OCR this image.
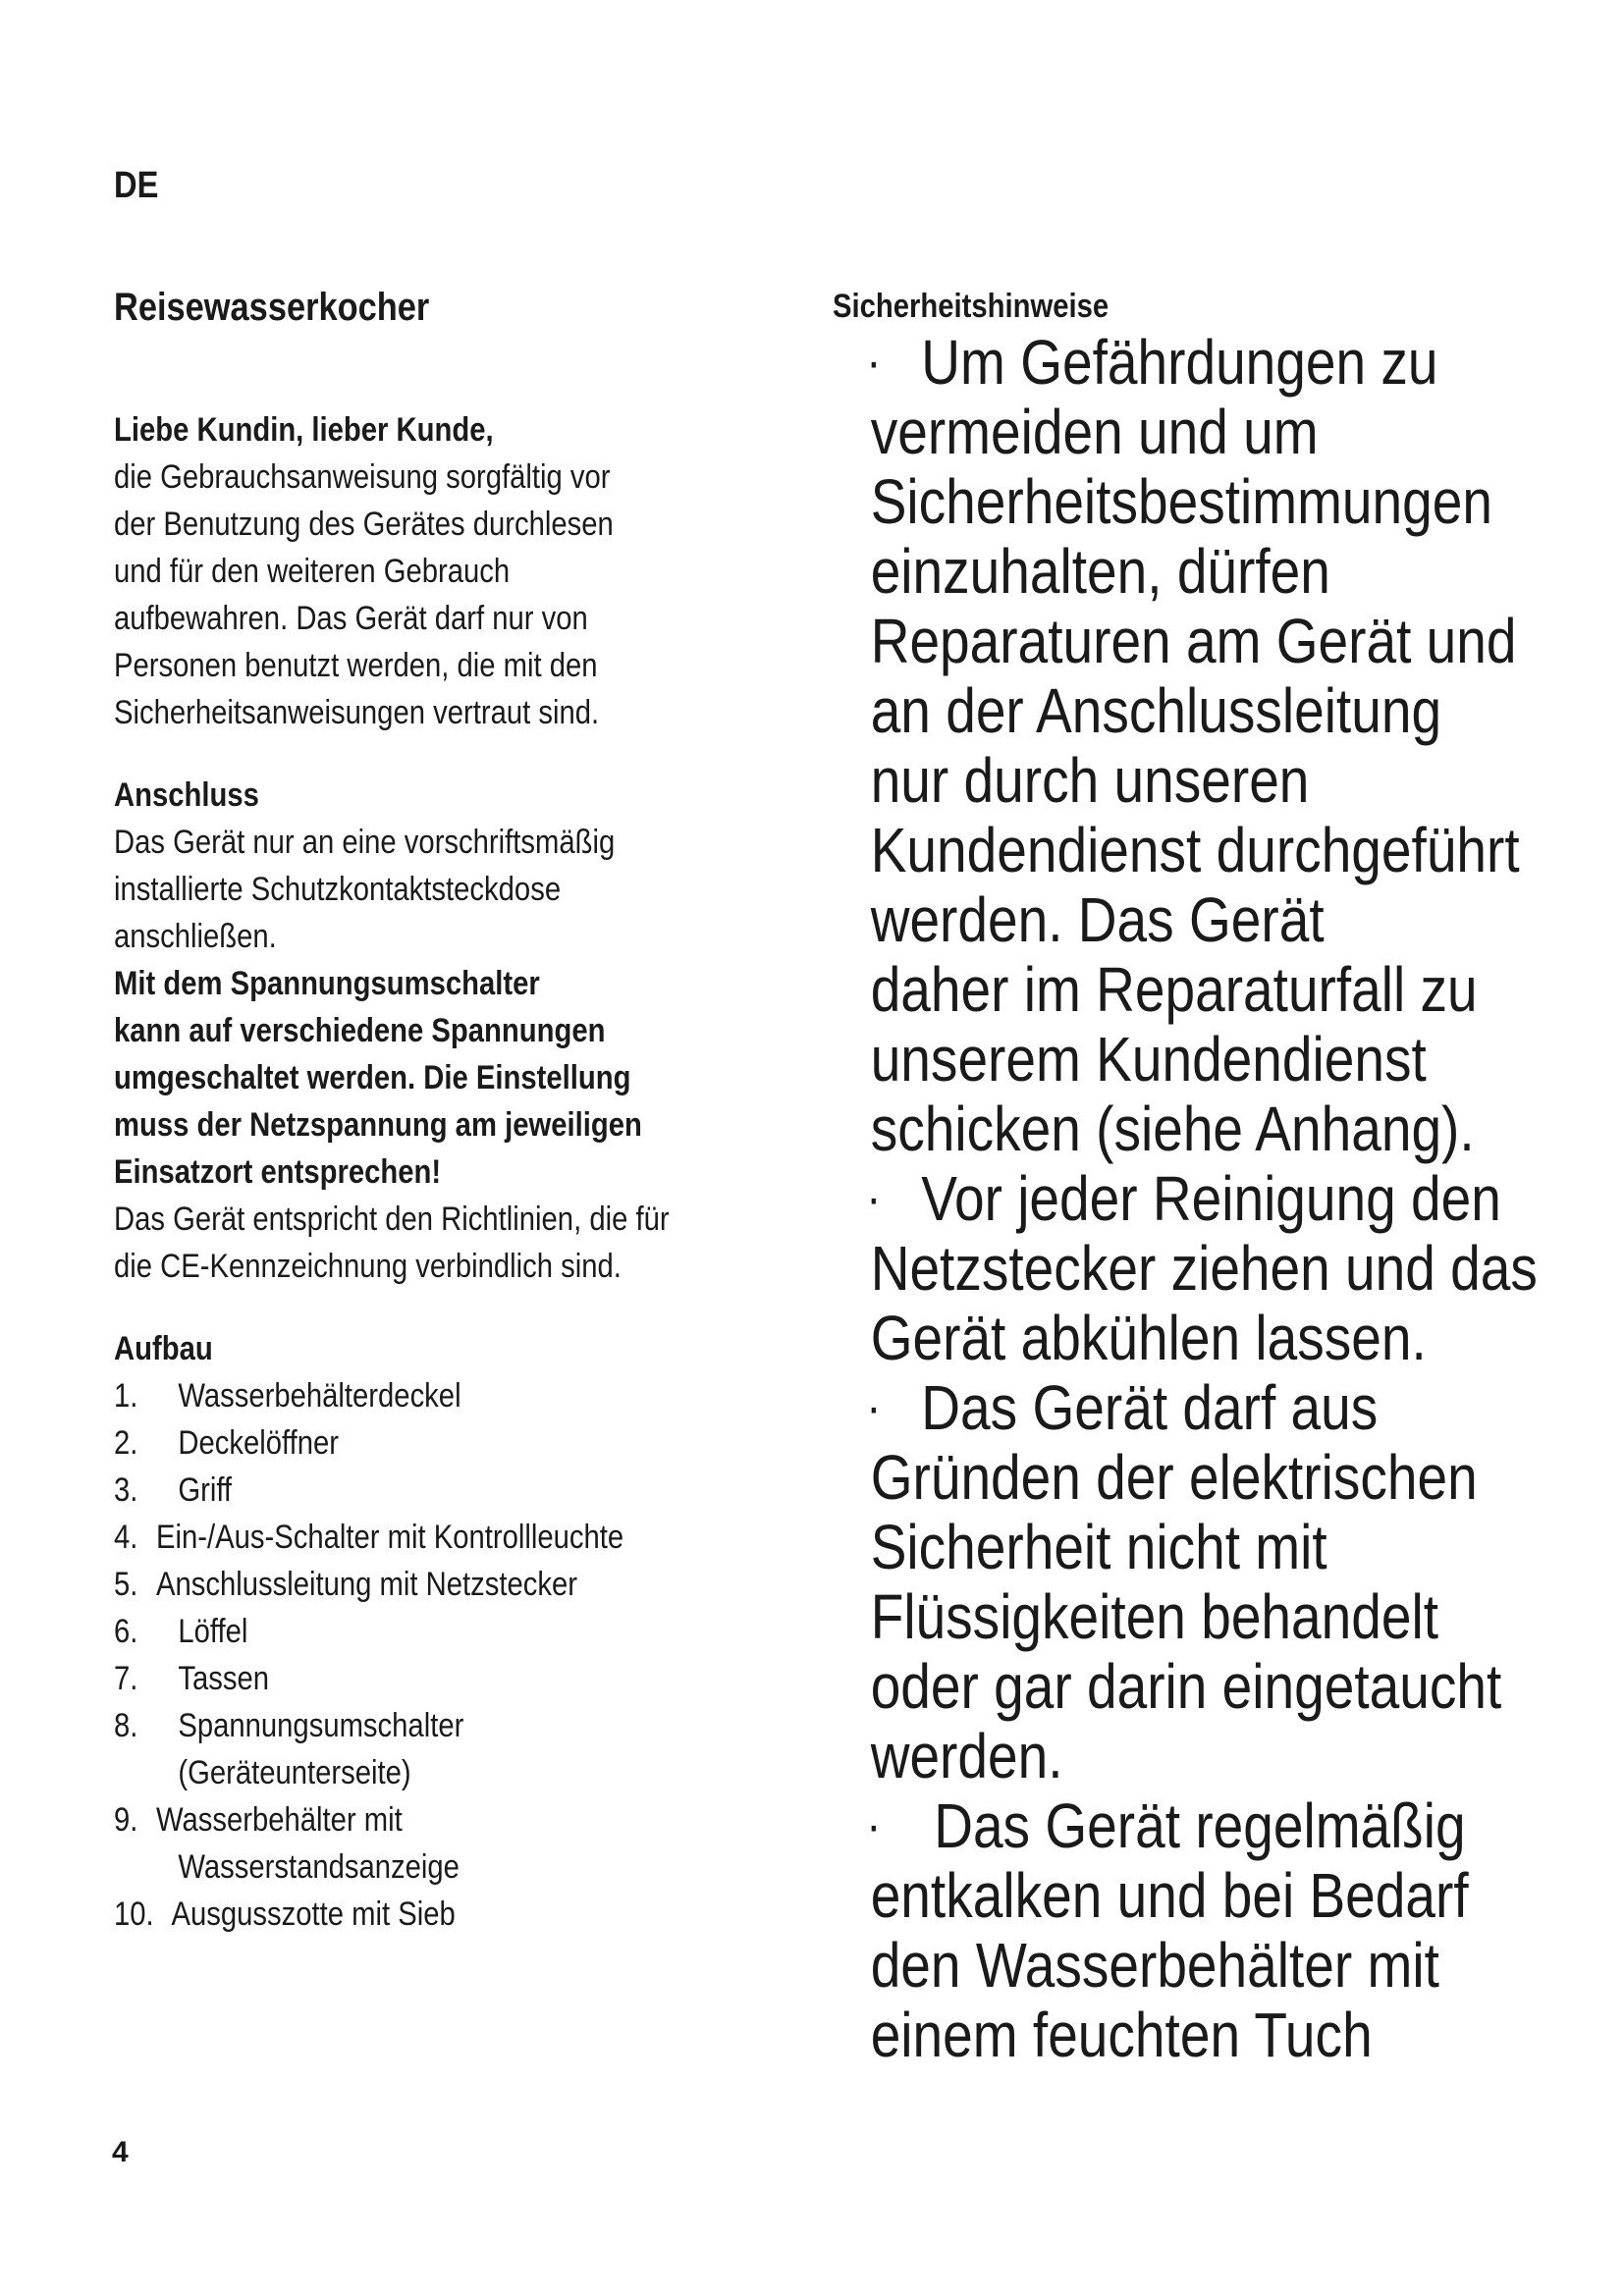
DE
Reisewasserkocher
Liebe Kundin, lieber Kunde,
die Gebrauchsanweisung sorgfältig vor
der Benutzung des Gerätes durchlesen
und für den weiteren Gebrauch
aufbewahren. Das Gerät darf nur von
Personen benutzt werden, die mit den
Sicherheitsanweisungen vertraut sind.
Anschluss
Das Gerät nur an eine vorschriftsmäßig
installierte Schutzkontaktsteckdose
anschließen.
Mit dem Spannungsumschalter
kann auf verschiedene Spannungen
umgeschaltet werden. Die Einstellung
muss der Netzspannung am jeweiligen
Einsatzort entsprechen!
Das Gerät entspricht den Richtlinien, die für
die CE-Kennzeichnung verbindlich sind.
Aufbau
1.	Wasserbehälterdeckel
2.	Deckelöffner
3.	Griff
4. Ein-/Aus-Schalter mit Kontrollleuchte
5. Anschlussleitung mit Netzstecker
6.	Löffel
7.	Tassen
8.	Spannungsumschalter
(Geräteunterseite)
9. Wasserbehälter mit
Wasserstandsanzeige
10. Ausgusszotte mit Sieb
Sicherheitshinweise
· Um Gefährdungen zu
vermeiden und um
Sicherheitsbestimmungen
einzuhalten, dürfen
Reparaturen am Gerät und
an der Anschlussleitung
nur durch unseren
Kundendienst durchgeführt
werden. Das Gerät
daher im Reparaturfall zu
unserem Kundendienst
schicken (siehe Anhang).
· Vor jeder Reinigung den
Netzstecker ziehen und das
Gerät abkühlen lassen.
· Das Gerät darf aus
Gründen der elektrischen
Sicherheit nicht mit
Flüssigkeiten behandelt
oder gar darin eingetaucht
werden.
· Das Gerät regelmäßig
entkalken und bei Bedarf
den Wasserbehälter mit
einem feuchten Tuch
4
